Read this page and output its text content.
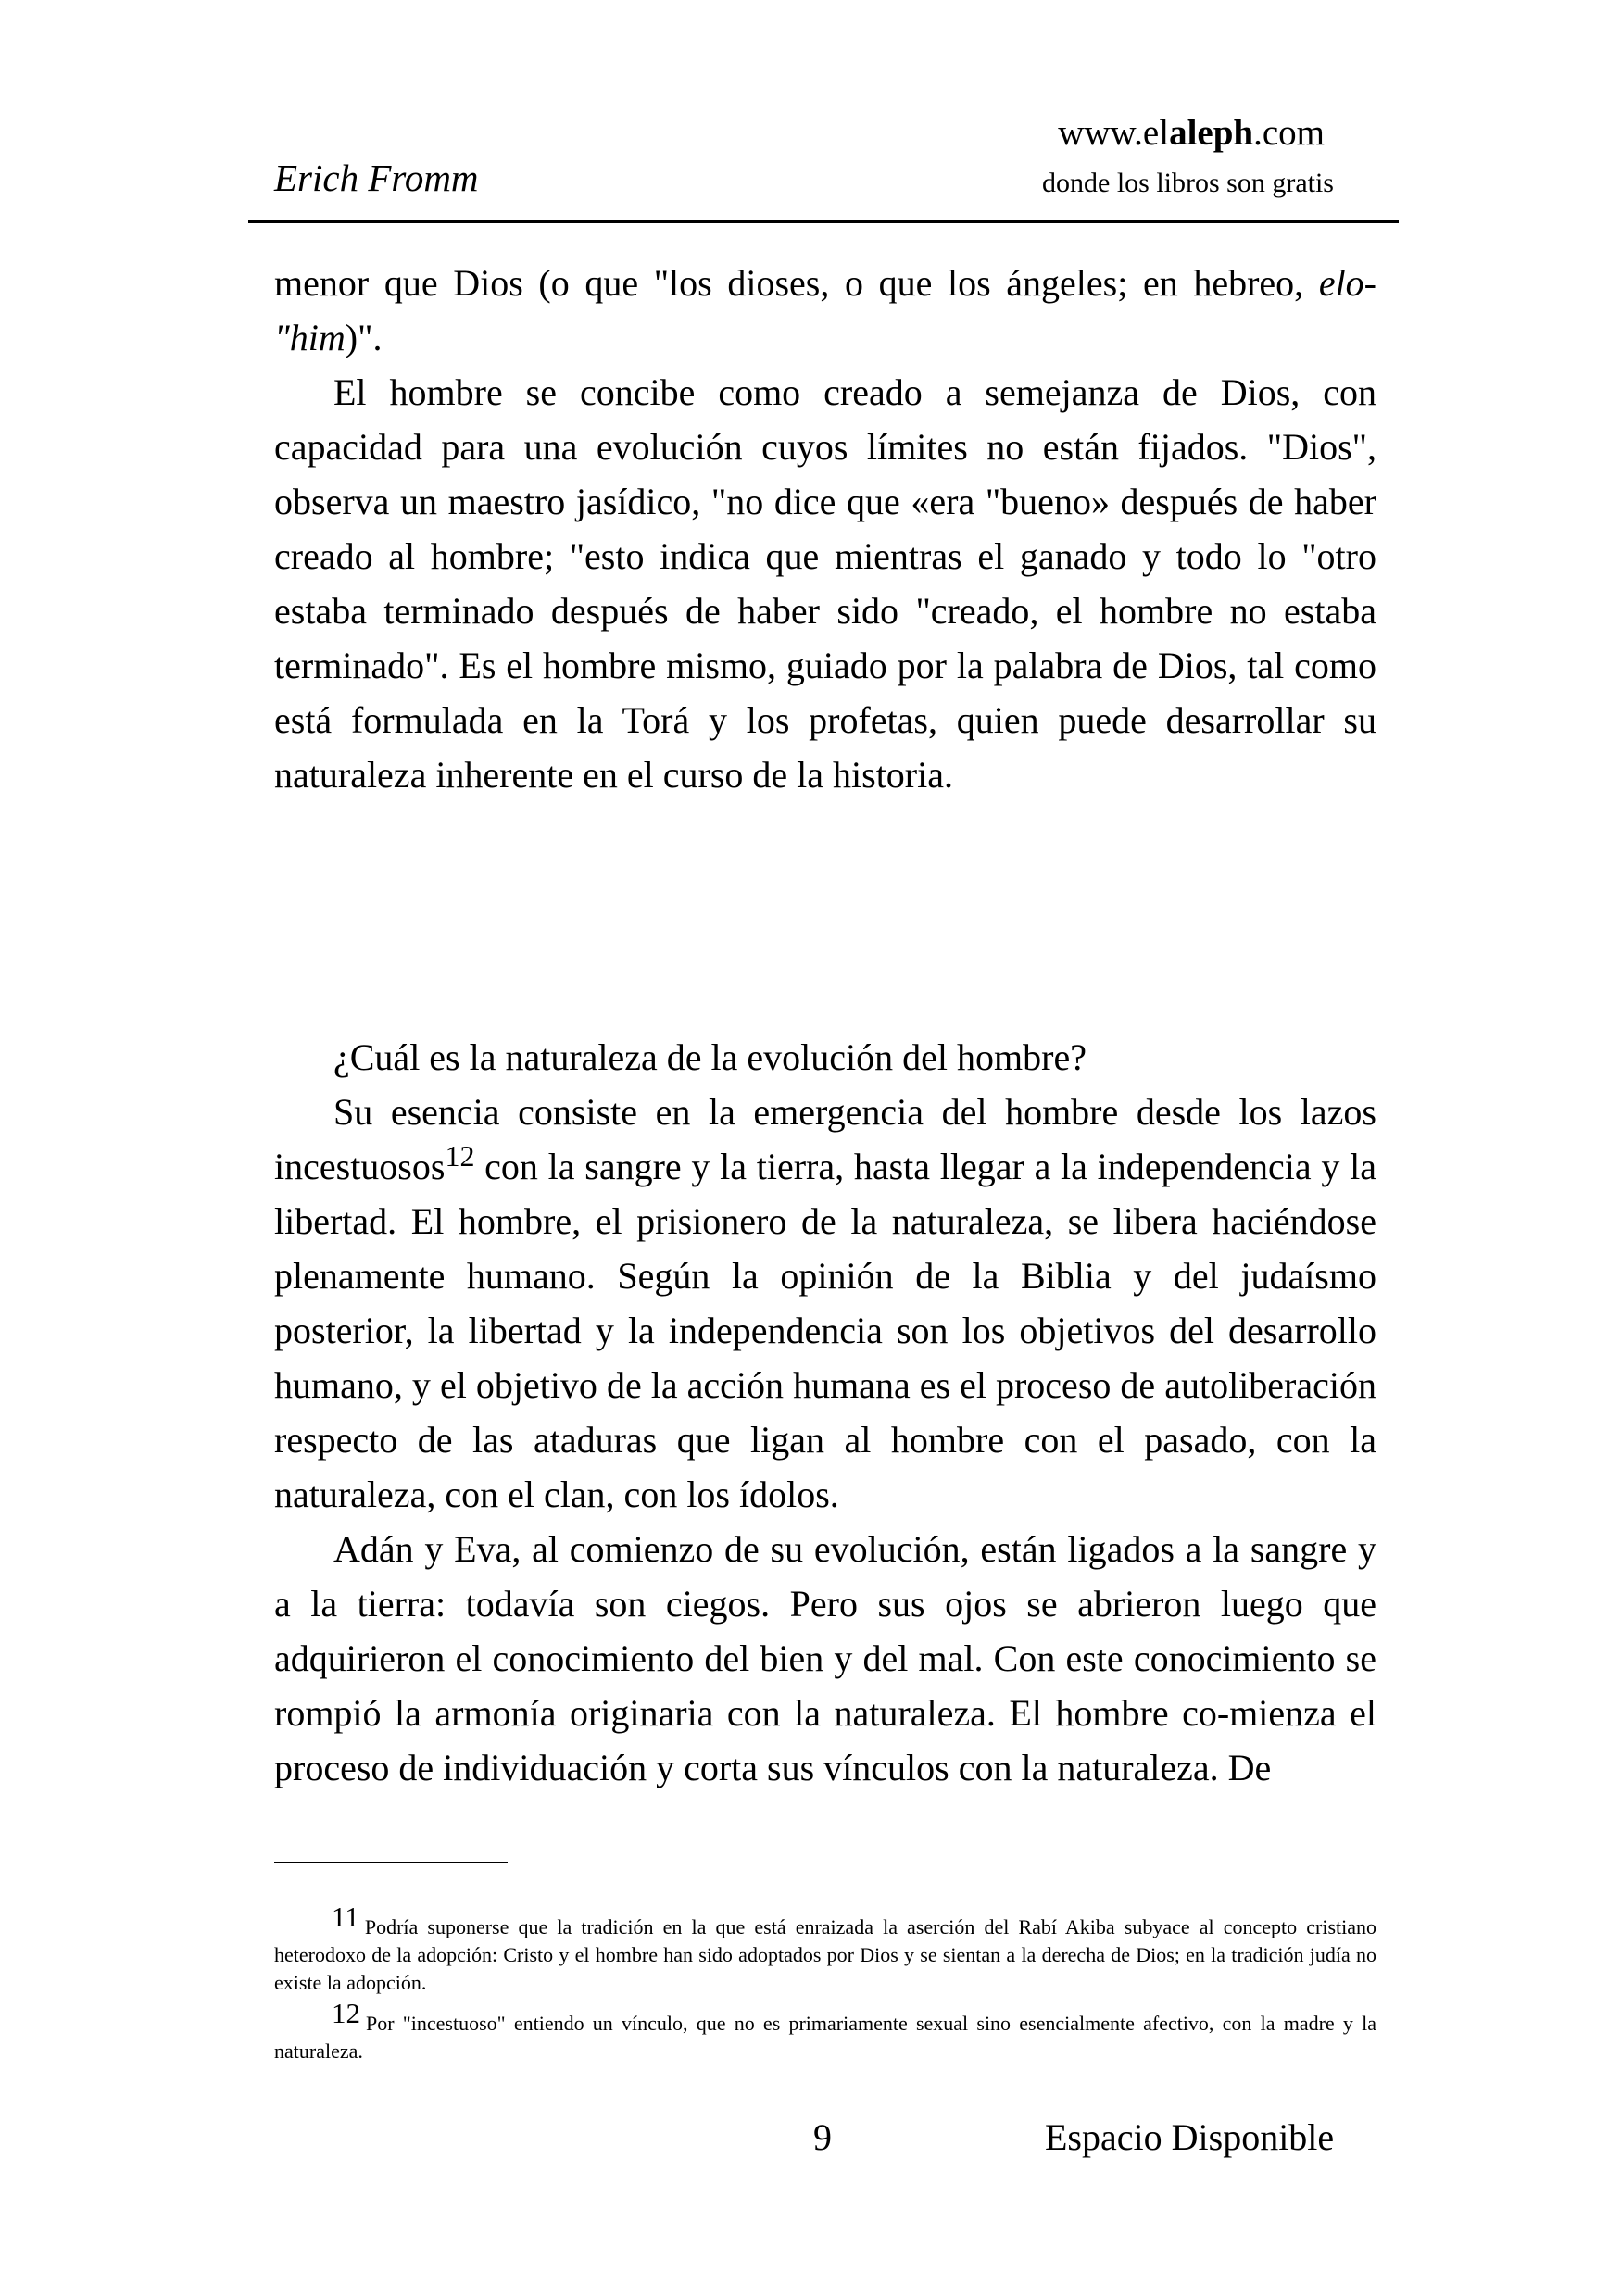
Erich Fromm
www.elaleph.com
donde los libros son gratis

menor que Dios (o que "los dioses, o que los ángeles; en hebreo, elo-"him)".

El hombre se concibe como creado a semejanza de Dios, con capacidad para una evolución cuyos límites no están fijados. "Dios", observa un maestro jasídico, "no dice que «era "bueno» después de haber creado al hombre; "esto indica que mientras el ganado y todo lo "otro estaba terminado después de haber sido "creado, el hombre no estaba terminado". Es el hombre mismo, guiado por la palabra de Dios, tal como está formulada en la Torá y los profetas, quien puede desarrollar su naturaleza inherente en el curso de la historia.

¿Cuál es la naturaleza de la evolución del hombre?

Su esencia consiste en la emergencia del hombre desde los lazos incestuosos$^{12}$ con la sangre y la tierra, hasta llegar a la independencia y la libertad. El hombre, el prisionero de la naturaleza, se libera haciéndose plenamente humano. Según la opinión de la Biblia y del judaísmo posterior, la libertad y la independencia son los objetivos del desarrollo humano, y el objetivo de la acción humana es el proceso de autoliberación respecto de las ataduras que ligan al hombre con el pasado, con la naturaleza, con el clan, con los ídolos.

Adán y Eva, al comienzo de su evolución, están ligados a la sangre y a la tierra: todavía son ciegos. Pero sus ojos se abrieron luego que adquirieron el conocimiento del bien y del mal. Con este conocimiento se rompió la armonía originaria con la naturaleza. El hombre co-mienza el proceso de individuación y corta sus vínculos con la naturaleza. De

11 Podría suponerse que la tradición en la que está enraizada la aserción del Rabí Akiba subyace al concepto cristiano heterodoxo de la adopción: Cristo y el hombre han sido adoptados por Dios y se sientan a la derecha de Dios; en la tradición judía no existe la adopción.

12 Por "incestuoso" entiendo un vínculo, que no es primariamente sexual sino esencialmente afectivo, con la madre y la naturaleza.

9	Espacio Disponible
